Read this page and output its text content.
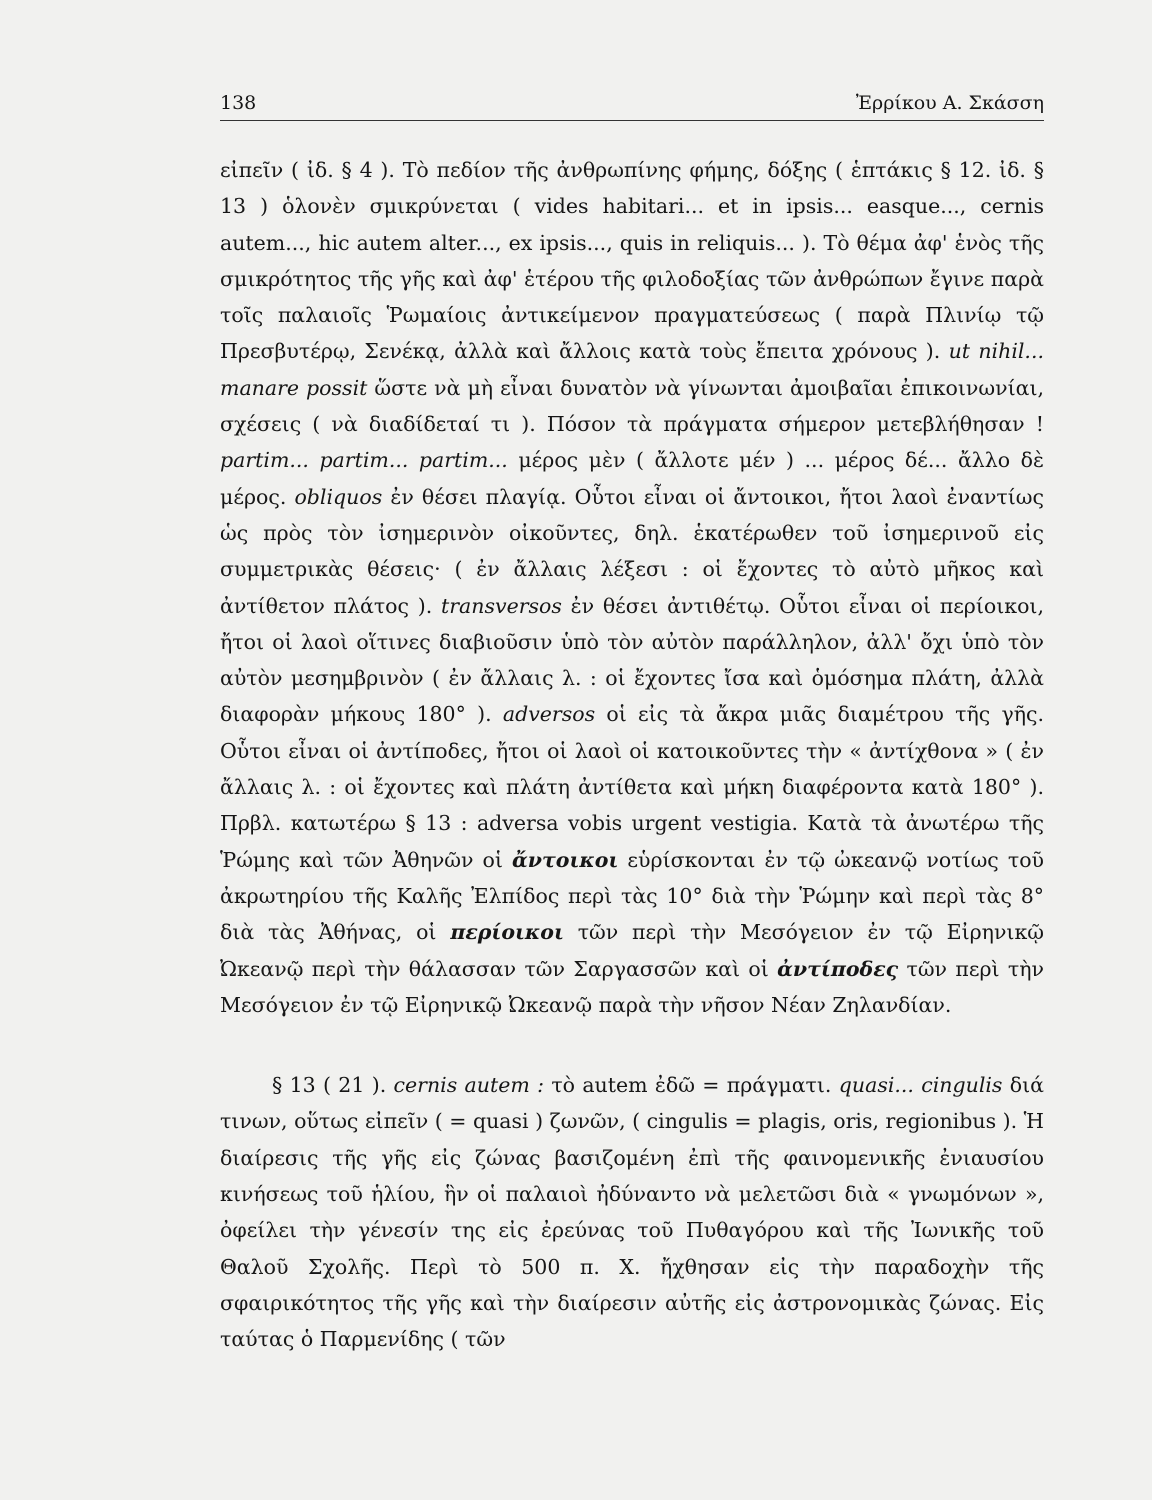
138	Ἐρρίκου Α. Σκάσση

εἰπεῖν ( ἰδ. § 4 ). Τὸ πεδίον τῆς ἀνθρωπίνης φήμης, δόξης ( ἑπτάκις § 12. ἰδ. § 13 ) ὁλονὲν σμικρύνεται ( vides habitari... et in ipsis... easque..., cernis autem..., hic autem alter..., ex ipsis..., quis in reliquis... ). Τὸ θέμα ἀφ' ἑνὸς τῆς σμικρότητος τῆς γῆς καὶ ἀφ' ἑτέρου τῆς φιλοδοξίας τῶν ἀνθρώπων ἔγινε παρὰ τοῖς παλαιοῖς Ῥωμαίοις ἀντικείμενον πραγματεύσεως ( παρὰ Πλινίῳ τῷ Πρεσβυτέρῳ, Σενέκᾳ, ἀλλὰ καὶ ἄλλοις κατὰ τοὺς ἔπειτα χρόνους ). ut nihil... manare possit ὥστε νὰ μὴ εἶναι δυνατὸν νὰ γίνωνται ἀμοιβαῖαι ἐπικοινωνίαι, σχέσεις ( νὰ διαδίδεταί τι ). Πόσον τὰ πράγματα σήμερον μετεβλήθησαν ! partim... partim... partim... μέρος μὲν ( ἄλλοτε μέν ) ... μέρος δέ... ἄλλο δὲ μέρος. obliquos ἐν θέσει πλαγίᾳ. Οὗτοι εἶναι οἱ ἄντοικοι, ἤτοι λαοὶ ἐναντίως ὡς πρὸς τὸν ἰσημερινὸν οἰκοῦντες, δηλ. ἑκατέρωθεν τοῦ ἰσημερινοῦ εἰς συμμετρικὰς θέσεις· ( ἐν ἄλλαις λέξεσι : οἱ ἔχοντες τὸ αὐτὸ μῆκος καὶ ἀντίθετον πλάτος ). transversos ἐν θέσει ἀντιθέτῳ. Οὗτοι εἶναι οἱ περίοικοι, ἤτοι οἱ λαοὶ οἵτινες διαβιοῦσιν ὑπὸ τὸν αὐτὸν παράλληλον, ἀλλ' ὄχι ὑπὸ τὸν αὐτὸν μεσημβρινὸν ( ἐν ἄλλαις λ. : οἱ ἔχοντες ἴσα καὶ ὁμόσημα πλάτη, ἀλλὰ διαφορὰν μήκους 180° ). adversos οἱ εἰς τὰ ἄκρα μιᾶς διαμέτρου τῆς γῆς. Οὗτοι εἶναι οἱ ἀντίποδες, ἤτοι οἱ λαοὶ οἱ κατοικοῦντες τὴν « ἀντίχθονα » ( ἐν ἄλλαις λ. : οἱ ἔχοντες καὶ πλάτη ἀντίθετα καὶ μήκη διαφέροντα κατὰ 180° ). Πρβλ. κατωτέρω § 13 : adversa vobis urgent vestigia. Κατὰ τὰ ἀνωτέρω τῆς Ῥώμης καὶ τῶν Ἀθηνῶν οἱ ἄντοικοι εὑρίσκονται ἐν τῷ ὠκεανῷ νοτίως τοῦ ἀκρωτηρίου τῆς Καλῆς Ἐλπίδος περὶ τὰς 10° διὰ τὴν Ῥώμην καὶ περὶ τὰς 8° διὰ τὰς Ἀθήνας, οἱ περίοικοι τῶν περὶ τὴν Μεσόγειον ἐν τῷ Εἰρηνικῷ Ὠκεανῷ περὶ τὴν θάλασσαν τῶν Σαργασσῶν καὶ οἱ ἀντίποδες τῶν περὶ τὴν Μεσόγειον ἐν τῷ Εἰρηνικῷ Ὠκεανῷ παρὰ τὴν νῆσον Νέαν Ζηλανδίαν.

§ 13 ( 21 ). cernis autem : τὸ autem ἐδῶ = πράγματι. quasi... cingulis διά τινων, οὕτως εἰπεῖν ( = quasi ) ζωνῶν, ( cingulis = plagis, oris, regionibus ). Ἡ διαίρεσις τῆς γῆς εἰς ζώνας βασιζομένη ἐπὶ τῆς φαινομενικῆς ἐνιαυσίου κινήσεως τοῦ ἡλίου, ἣν οἱ παλαιοὶ ἠδύναντο νὰ μελετῶσι διὰ « γνωμόνων », ὀφείλει τὴν γένεσίν της εἰς ἐρεύνας τοῦ Πυθαγόρου καὶ τῆς Ἰωνικῆς τοῦ Θαλοῦ Σχολῆς. Περὶ τὸ 500 π. Χ. ἤχθησαν εἰς τὴν παραδοχὴν τῆς σφαιρικότητος τῆς γῆς καὶ τὴν διαίρεσιν αὐτῆς εἰς ἀστρονομικὰς ζώνας. Εἰς ταύτας ὁ Παρμενίδης ( τῶν
